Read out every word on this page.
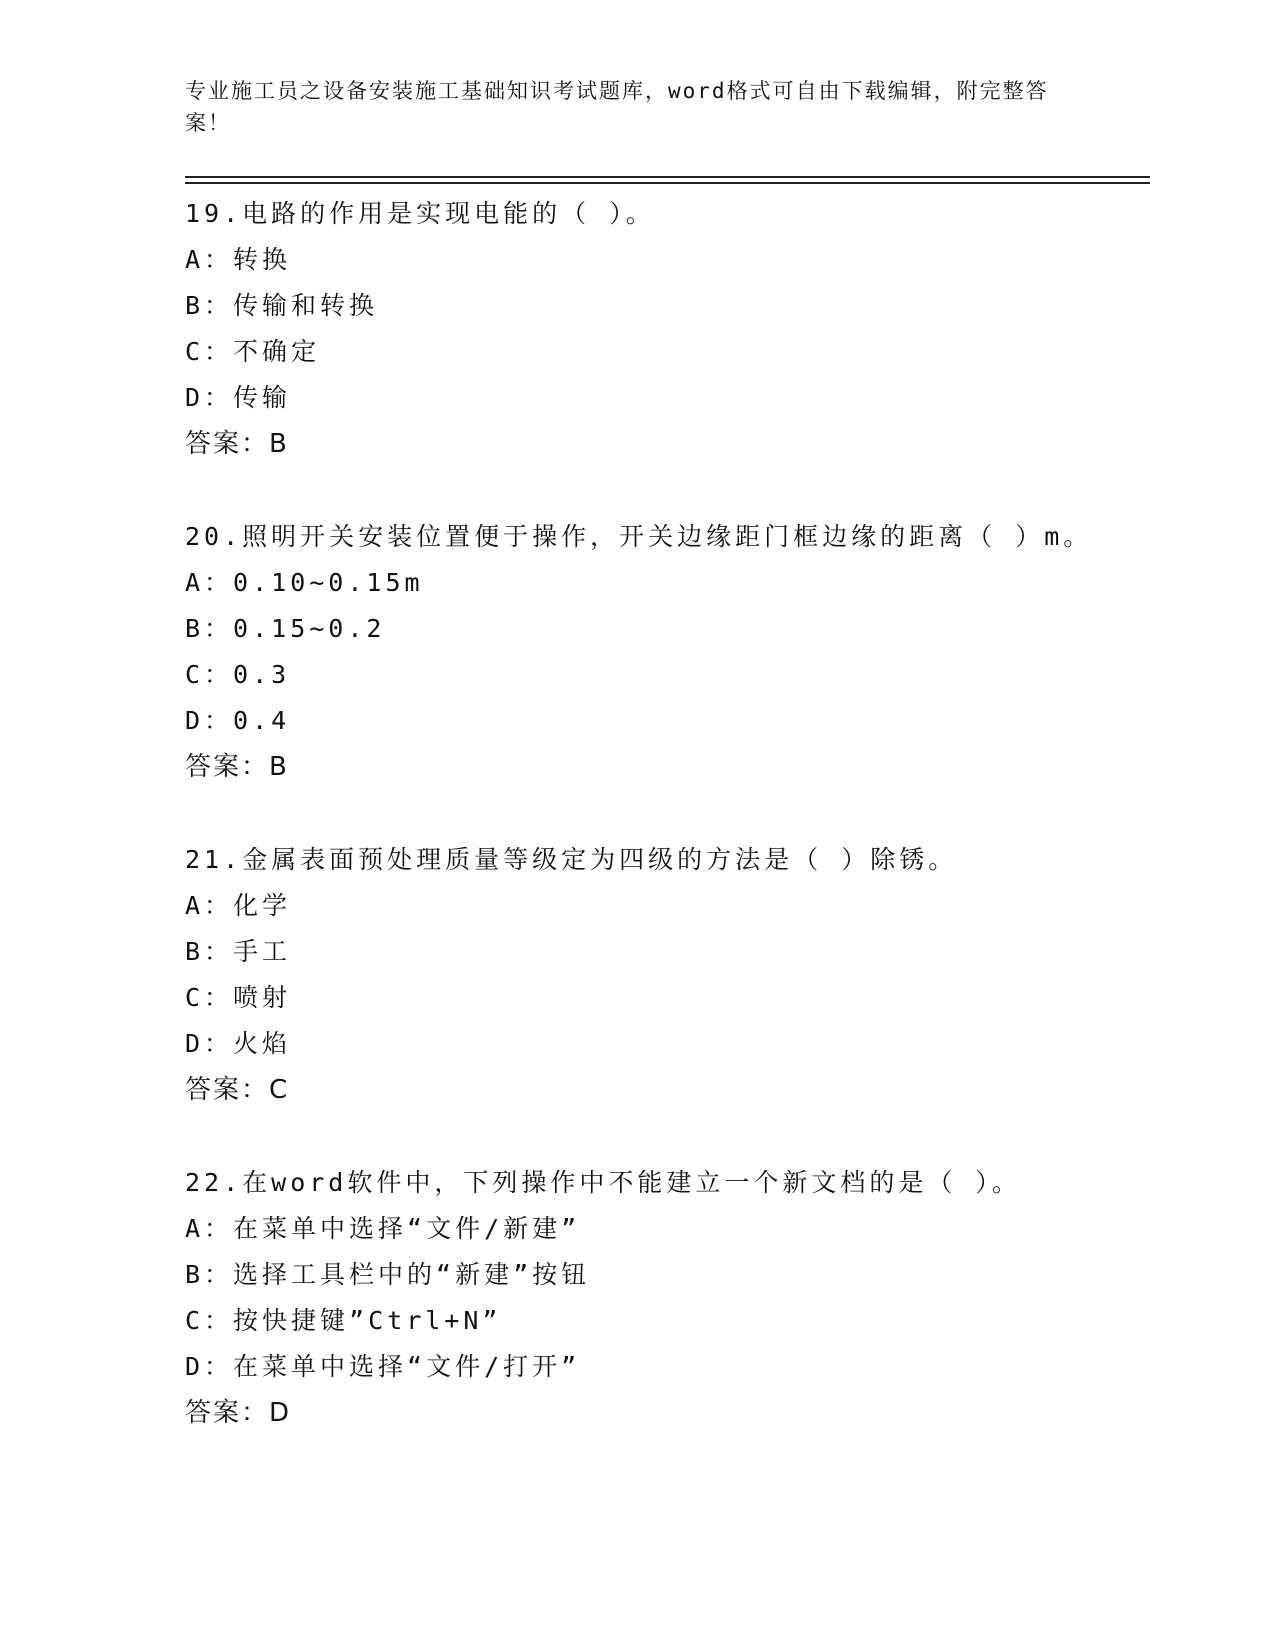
专业施工员之设备安装施工基础知识考试题库，word格式可自由下载编辑，附完整答案！
19.电路的作用是实现电能的（ ）。
A：转换
B：传输和转换
C：不确定
D：传输
答案：B
20.照明开关安装位置便于操作，开关边缘距门框边缘的距离（ ）m。
A：0.10~0.15m
B：0.15~0.2
C：0.3
D：0.4
答案：B
21.金属表面预处理质量等级定为四级的方法是（ ）除锈。
A：化学
B：手工
C：喷射
D：火焰
答案：C
22.在word软件中，下列操作中不能建立一个新文档的是（ ）。
A：在菜单中选择“文件/新建”
B：选择工具栏中的“新建”按钮
C：按快捷键”Ctrl+N”
D：在菜单中选择“文件/打开”
答案：D
